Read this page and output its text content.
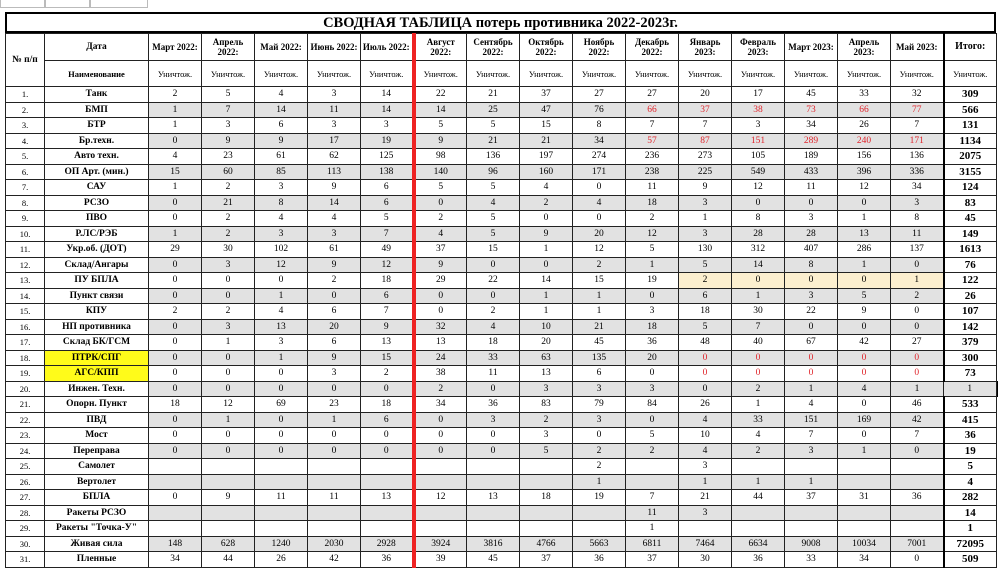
СВОДНАЯ ТАБЛИЦА потерь противника 2022-2023г.
№ п/п	Дата	Март 2022:	Апрель 2022:	Май 2022:	Июнь 2022:	Июль 2022:	Август 2022:	Сентябрь 2022:	Октябрь 2022:	Ноябрь 2022:	Декабрь 2022:	Январь 2023:	Февраль 2023:	Март 2023:	Апрель 2023:	Май 2023:	Итого:	
	Наименование	Уничтож.	Уничтож.	Уничтож.	Уничтож.	Уничтож.	Уничтож.	Уничтож.	Уничтож.	Уничтож.	Уничтож.	Уничтож.	Уничтож.	Уничтож.	Уничтож.	Уничтож.	Уничтож.	
1.	Танк	2	5	4	3	14	22	21	37	27	27	20	17	45	33	32	309	
2.	БМП	1	7	14	11	14	14	25	47	76	66	37	38	73	66	77	566	
3.	БТР	1	3	6	3	3	5	5	15	8	7	7	3	34	26	7	131	
4.	Бр.техн.	0	9	9	17	19	9	21	21	34	57	87	151	289	240	171	1134	
5.	Авто техн.	4	23	61	62	125	98	136	197	274	236	273	105	189	156	136	2075	
6.	ОП Арт. (мин.)	15	60	85	113	138	140	96	160	171	238	225	549	433	396	336	3155	
7.	САУ	1	2	3	9	6	5	5	4	0	11	9	12	11	12	34	124	
8.	РСЗО	0	21	8	14	6	0	4	2	4	18	3	0	0	0	3	83	
9.	ПВО	0	2	4	4	5	2	5	0	0	2	1	8	3	1	8	45	
10.	Р.ЛС/РЭБ	1	2	3	3	7	4	5	9	20	12	3	28	28	13	11	149	
11.	Укр.об. (ДОТ)	29	30	102	61	49	37	15	1	12	5	130	312	407	286	137	1613	
12.	Склад/Ангары	0	3	12	9	12	9	0	0	2	1	5	14	8	1	0	76	
13.	ПУ БПЛА	0	0	0	2	18	29	22	14	15	19	2	0	0	0	1	122	
14.	Пункт связи	0	0	1	0	6	0	0	1	1	0	6	1	3	5	2	26	
15.	КПУ	2	2	4	6	7	0	2	1	1	3	18	30	22	9	0	107	
16.	НП противника	0	3	13	20	9	32	4	10	21	18	5	7	0	0	0	142	
17.	Склад БК/ГСМ	0	1	3	6	13	13	18	20	45	36	48	40	67	42	27	379	
18.	ПТРК/СПГ	0	0	1	9	15	24	33	63	135	20	0	0	0	0	0	300	
19.	АГС/КПП	0	0	0	3	2	38	11	13	6	0	0	0	0	0	0	73	
20.	Инжен. Техн.	0	0	0	0	0	2	0	3	3	3	0	2	1	4	1	1	
21.	Опорн. Пункт	18	12	69	23	18	34	36	83	79	84	26	1	4	0	46	533	
22.	ПВД	0	1	0	1	6	0	3	2	3	0	4	33	151	169	42	415	
23.	Мост	0	0	0	0	0	0	0	3	0	5	10	4	7	0	7	36	
24.	Переправа	0	0	0	0	0	0	0	5	2	2	4	2	3	1	0	19	
25.	Самолет									2		3					5	
26.	Вертолет									1		1	1	1			4	
27.	БПЛА	0	9	11	11	13	12	13	18	19	7	21	44	37	31	36	282	
28.	Ракеты РСЗО										11	3					14	
29.	Ракеты "Точка-У"										1						1	
30.	Живая сила	148	628	1240	2030	2928	3924	3816	4766	5663	6811	7464	6634	9008	10034	7001	72095	
31.	Пленные	34	44	26	42	36	39	45	37	36	37	30	36	33	34	0	509	
